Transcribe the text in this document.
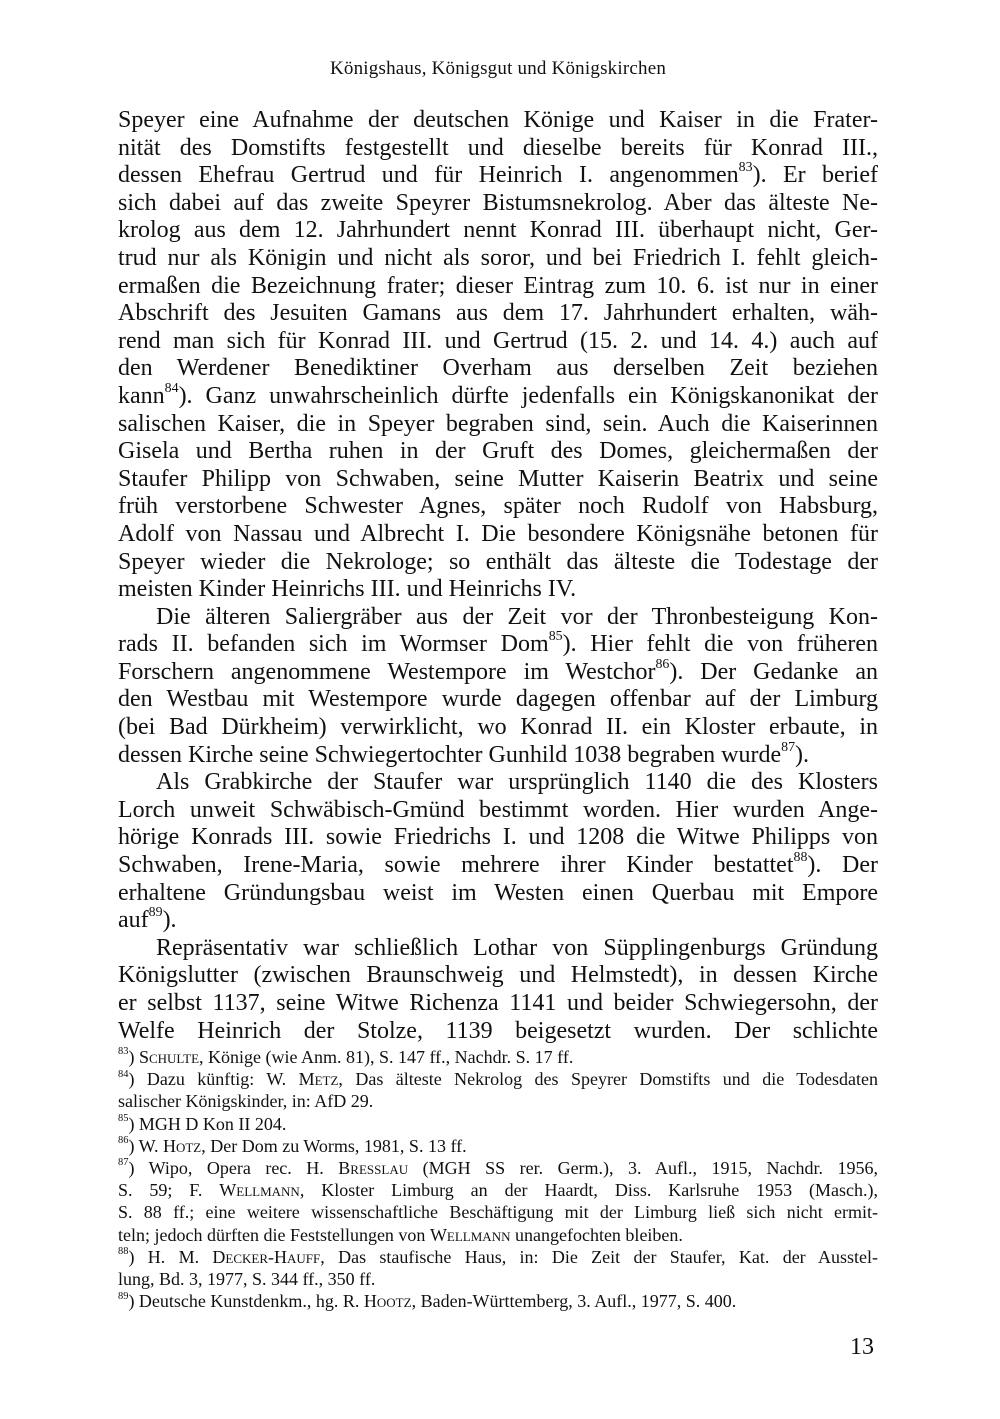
Königshaus, Königsgut und Königskirchen
Speyer eine Aufnahme der deutschen Könige und Kaiser in die Frater-
nität des Domstifts festgestellt und dieselbe bereits für Konrad III.,
dessen Ehefrau Gertrud und für Heinrich I. angenommen$^{83}$). Er berief
sich dabei auf das zweite Speyrer Bistumsnekrolog. Aber das älteste Ne-
krolog aus dem 12. Jahrhundert nennt Konrad III. überhaupt nicht, Ger-
trud nur als Königin und nicht als soror, und bei Friedrich I. fehlt gleich-
ermaßen die Bezeichnung frater; dieser Eintrag zum 10. 6. ist nur in einer
Abschrift des Jesuiten Gamans aus dem 17. Jahrhundert erhalten, wäh-
rend man sich für Konrad III. und Gertrud (15. 2. und 14. 4.) auch auf
den Werdener Benediktiner Overham aus derselben Zeit beziehen
kann$^{84}$). Ganz unwahrscheinlich dürfte jedenfalls ein Königskanonikat der
salischen Kaiser, die in Speyer begraben sind, sein. Auch die Kaiserinnen
Gisela und Bertha ruhen in der Gruft des Domes, gleichermaßen der
Staufer Philipp von Schwaben, seine Mutter Kaiserin Beatrix und seine
früh verstorbene Schwester Agnes, später noch Rudolf von Habsburg,
Adolf von Nassau und Albrecht I. Die besondere Königsnähe betonen für
Speyer wieder die Nekrologe; so enthält das älteste die Todestage der
meisten Kinder Heinrichs III. und Heinrichs IV.
Die älteren Saliergräber aus der Zeit vor der Thronbesteigung Kon-
rads II. befanden sich im Wormser Dom$^{85}$). Hier fehlt die von früheren
Forschern angenommene Westempore im Westchor$^{86}$). Der Gedanke an
den Westbau mit Westempore wurde dagegen offenbar auf der Limburg
(bei Bad Dürkheim) verwirklicht, wo Konrad II. ein Kloster erbaute, in
dessen Kirche seine Schwiegertochter Gunhild 1038 begraben wurde$^{87}$).
Als Grabkirche der Staufer war ursprünglich 1140 die des Klosters
Lorch unweit Schwäbisch-Gmünd bestimmt worden. Hier wurden Ange-
hörige Konrads III. sowie Friedrichs I. und 1208 die Witwe Philipps von
Schwaben, Irene-Maria, sowie mehrere ihrer Kinder bestattet$^{88}$). Der
erhaltene Gründungsbau weist im Westen einen Querbau mit Empore
auf$^{89}$).
Repräsentativ war schließlich Lothar von Süpplingenburgs Gründung
Königslutter (zwischen Braunschweig und Helmstedt), in dessen Kirche
er selbst 1137, seine Witwe Richenza 1141 und beider Schwiegersohn, der
Welfe Heinrich der Stolze, 1139 beigesetzt wurden. Der schlichte
$^{83}$) Schulte, Könige (wie Anm. 81), S. 147 ff., Nachdr. S. 17 ff.
$^{84}$) Dazu künftig: W. Metz, Das älteste Nekrolog des Speyrer Domstifts und die Todesdaten
salischer Königskinder, in: AfD 29.
$^{85}$) MGH D Kon II 204.
$^{86}$) W. Hotz, Der Dom zu Worms, 1981, S. 13 ff.
$^{87}$) Wipo, Opera rec. H. Bresslau (MGH SS rer. Germ.), 3. Aufl., 1915, Nachdr. 1956,
S. 59; F. Wellmann, Kloster Limburg an der Haardt, Diss. Karlsruhe 1953 (Masch.),
S. 88 ff.; eine weitere wissenschaftliche Beschäftigung mit der Limburg ließ sich nicht ermit-
teln; jedoch dürften die Feststellungen von Wellmann unangefochten bleiben.
$^{88}$) H. M. Decker-Hauff, Das staufische Haus, in: Die Zeit der Staufer, Kat. der Ausstel-
lung, Bd. 3, 1977, S. 344 ff., 350 ff.
$^{89}$) Deutsche Kunstdenkm., hg. R. Hootz, Baden-Württemberg, 3. Aufl., 1977, S. 400.
13
